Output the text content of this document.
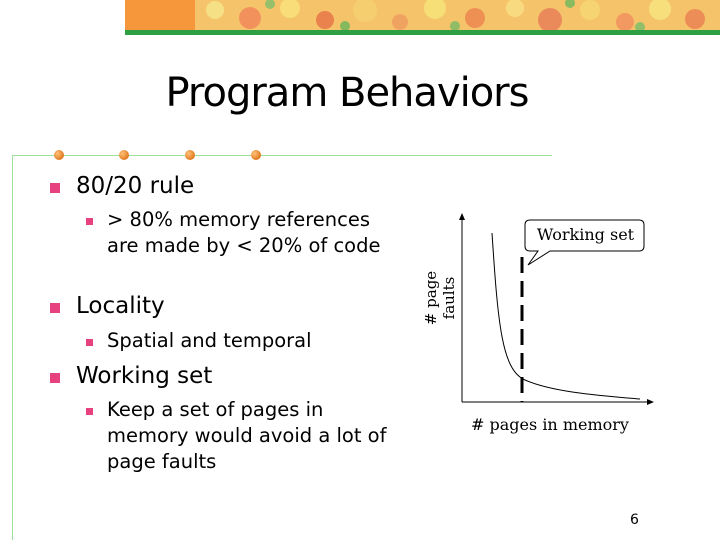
Program Behaviors
80/20 rule
> 80% memory references are made by < 20% of code
Locality
Spatial and temporal
Working set
Keep a set of pages in memory would avoid a lot of page faults
# page faults
# pages in memory
Working set
6
